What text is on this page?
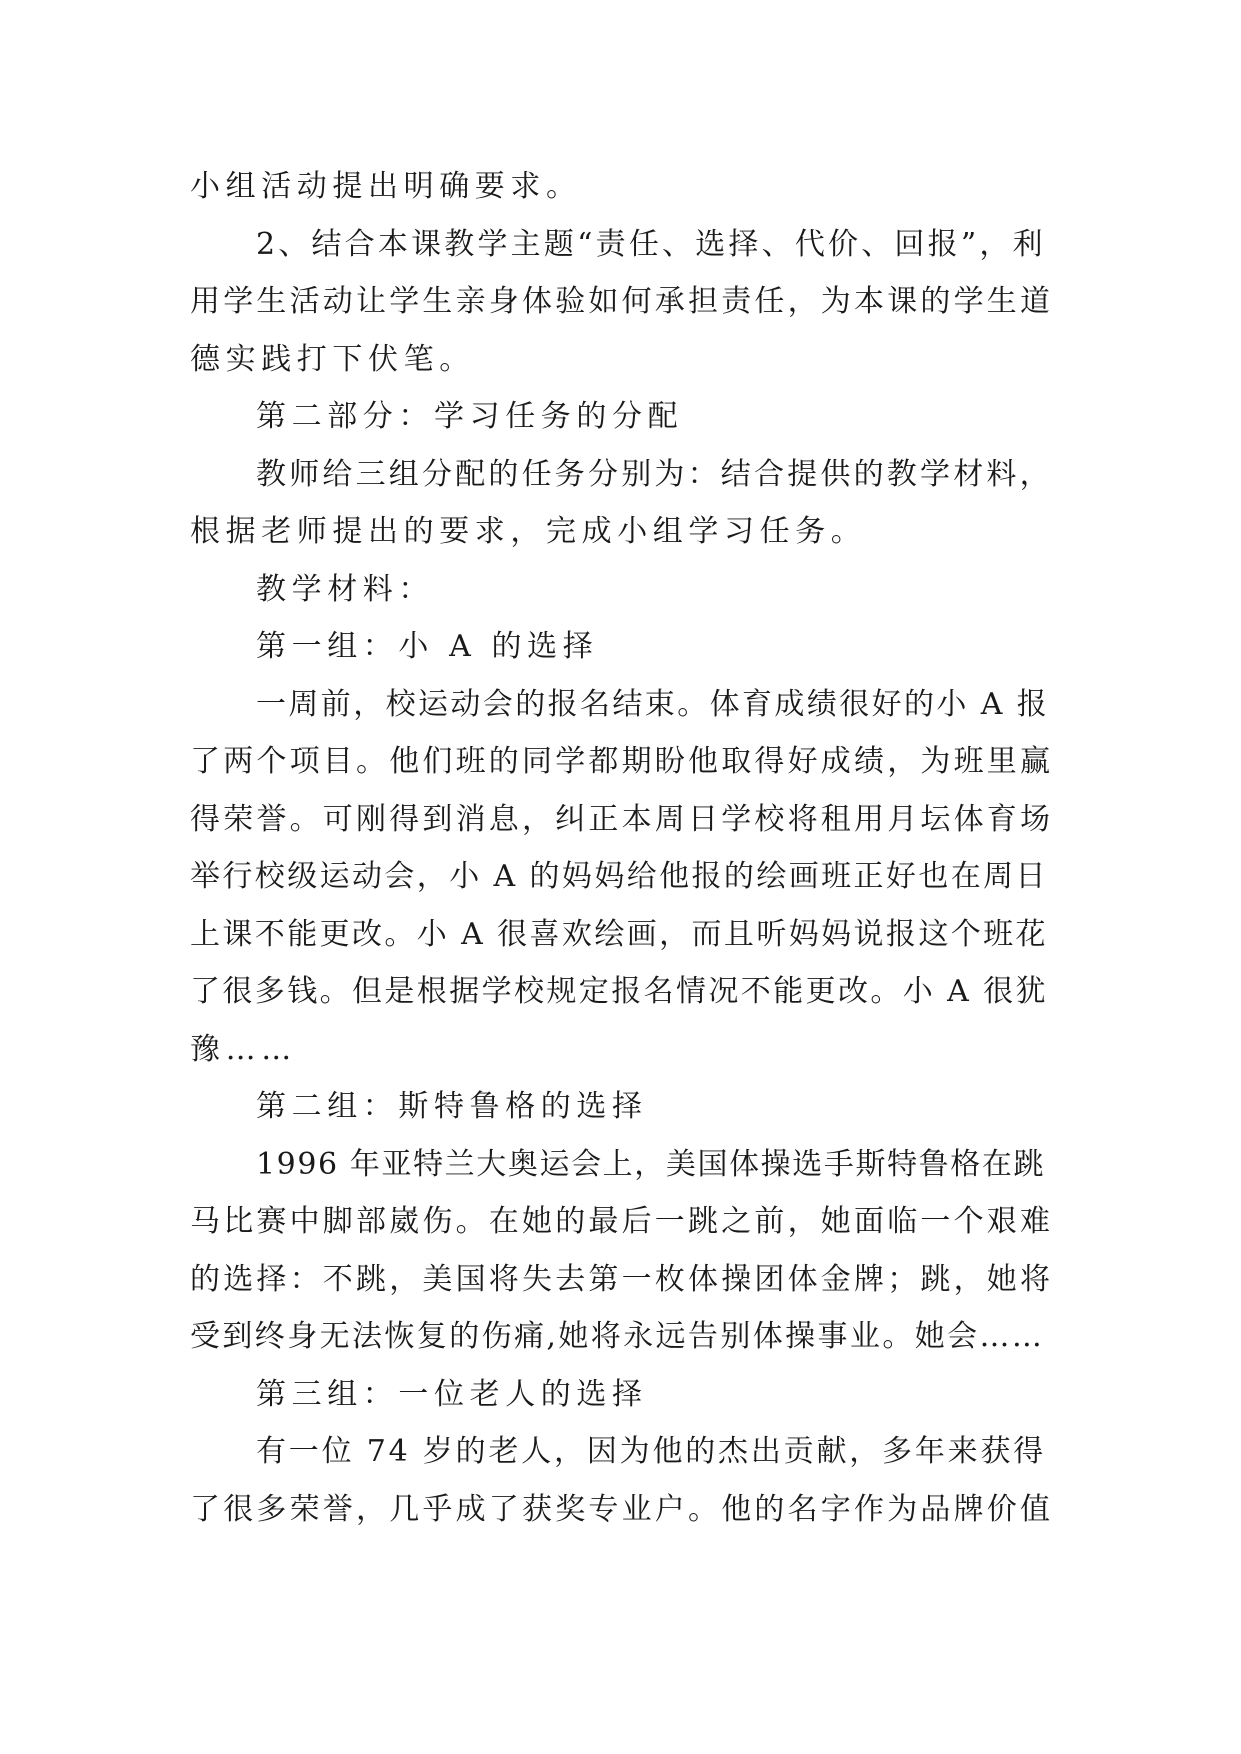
小组活动提出明确要求。
2、结合本课教学主题“责任、选择、代价、回报”，利
用学生活动让学生亲身体验如何承担责任，为本课的学生道
德实践打下伏笔。
第二部分：学习任务的分配
教师给三组分配的任务分别为：结合提供的教学材料，
根据老师提出的要求，完成小组学习任务。
教学材料：
第一组：小 A 的选择
一周前，校运动会的报名结束。体育成绩很好的小 A 报
了两个项目。他们班的同学都期盼他取得好成绩，为班里赢
得荣誉。可刚得到消息，纠正本周日学校将租用月坛体育场
举行校级运动会，小 A 的妈妈给他报的绘画班正好也在周日
上课不能更改。小 A 很喜欢绘画，而且听妈妈说报这个班花
了很多钱。但是根据学校规定报名情况不能更改。小 A 很犹
豫……
第二组：斯特鲁格的选择
1996 年亚特兰大奥运会上，美国体操选手斯特鲁格在跳
马比赛中脚部崴伤。在她的最后一跳之前，她面临一个艰难
的选择：不跳，美国将失去第一枚体操团体金牌；跳，她将
受到终身无法恢复的伤痛,她将永远告别体操事业。她会……
第三组：一位老人的选择
有一位 74 岁的老人，因为他的杰出贡献，多年来获得
了很多荣誉，几乎成了获奖专业户。他的名字作为品牌价值
